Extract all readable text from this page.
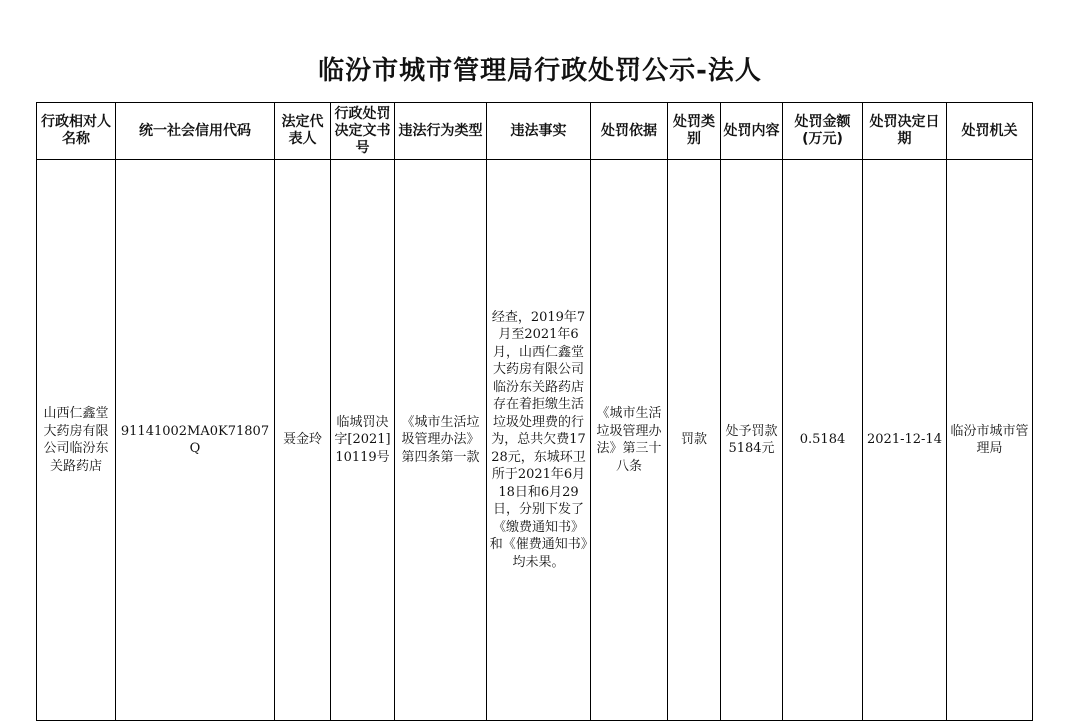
临汾市城市管理局行政处罚公示-法人
行政相对人名称	统一社会信用代码	法定代表人	行政处罚决定文书号	违法行为类型	违法事实	处罚依据	处罚类别	处罚内容	处罚金额(万元)	处罚决定日期	处罚机关
山西仁鑫堂大药房有限公司临汾东关路药店	91141002MA0K71807Q	聂金玲	临城罚决字[2021]10119号	《城市生活垃圾管理办法》第四条第一款	经查，2019年7月至2021年6月，山西仁鑫堂大药房有限公司临汾东关路药店存在着拒缴生活垃圾处理费的行为，总共欠费1728元，东城环卫所于2021年6月18日和6月29日，分别下发了《缴费通知书》和《催费通知书》均未果。	《城市生活垃圾管理办法》第三十八条	罚款	处予罚款5184元	0.5184	2021-12-14	临汾市城市管理局
